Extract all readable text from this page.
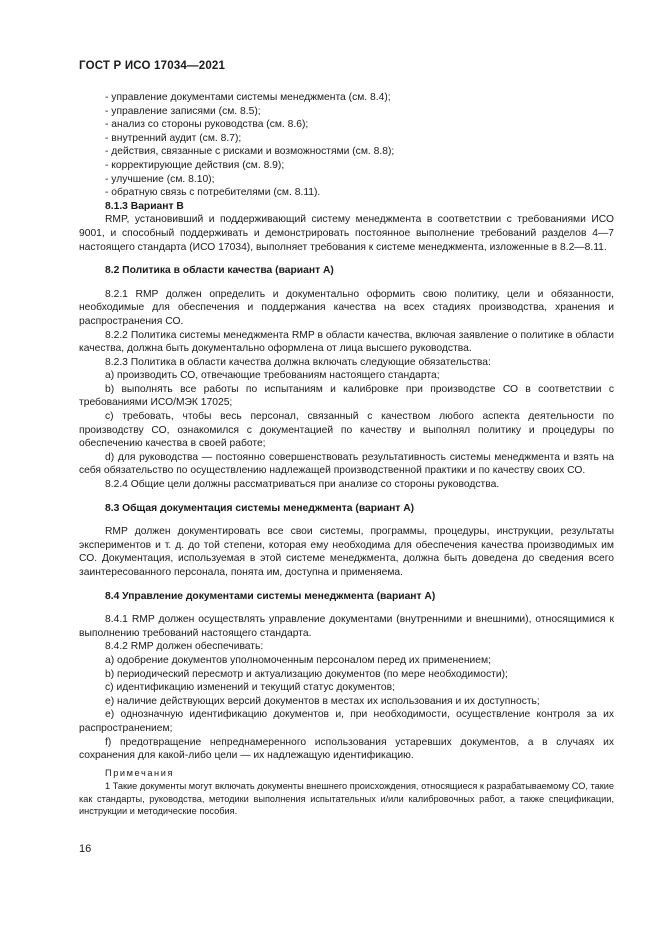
ГОСТ Р ИСО 17034—2021

- управление документами системы менеджмента (см. 8.4);

- управление записями (см. 8.5);

- анализ со стороны руководства (см. 8.6);

- внутренний аудит (см. 8.7);

- действия, связанные с рисками и возможностями (см. 8.8);

- корректирующие действия (см. 8.9);

- улучшение (см. 8.10);

- обратную связь с потребителями (см. 8.11).

8.1.3 Вариант В

RMP, установивший и поддерживающий систему менеджмента в соответствии с требованиями ИСО 9001, и способный поддерживать и демонстрировать постоянное выполнение требований разделов 4—7 настоящего стандарта (ИСО 17034), выполняет требования к системе менеджмента, изложенные в 8.2—8.11.

8.2 Политика в области качества (вариант А)

8.2.1 RMP должен определить и документально оформить свою политику, цели и обязанности, необходимые для обеспечения и поддержания качества на всех стадиях производства, хранения и распространения СО.

8.2.2 Политика системы менеджмента RMP в области качества, включая заявление о политике в области качества, должна быть документально оформлена от лица высшего руководства.

8.2.3 Политика в области качества должна включать следующие обязательства:

а) производить СО, отвечающие требованиям настоящего стандарта;

b) выполнять все работы по испытаниям и калибровке при производстве СО в соответствии с требованиями ИСО/МЭК 17025;

с) требовать, чтобы весь персонал, связанный с качеством любого аспекта деятельности по производству СО, ознакомился с документацией по качеству и выполнял политику и процедуры по обеспечению качества в своей работе;

d) для руководства — постоянно совершенствовать результативность системы менеджмента и взять на себя обязательство по осуществлению надлежащей производственной практики и по качеству своих СО.

8.2.4 Общие цели должны рассматриваться при анализе со стороны руководства.

8.3 Общая документация системы менеджмента (вариант А)

RMP должен документировать все свои системы, программы, процедуры, инструкции, результаты экспериментов и т. д. до той степени, которая ему необходима для обеспечения качества производимых им СО. Документация, используемая в этой системе менеджмента, должна быть доведена до сведения всего заинтересованного персонала, понята им, доступна и применяема.

8.4 Управление документами системы менеджмента (вариант А)

8.4.1 RMP должен осуществлять управление документами (внутренними и внешними), относящимися к выполнению требований настоящего стандарта.

8.4.2 RMP должен обеспечивать:

а) одобрение документов уполномоченным персоналом перед их применением;

b) периодический пересмотр и актуализацию документов (по мере необходимости);

с) идентификацию изменений и текущий статус документов;

е) наличие действующих версий документов в местах их использования и их доступность;

е) однозначную идентификацию документов и, при необходимости, осуществление контроля за их распространением;

f) предотвращение непреднамеренного использования устаревших документов, а в случаях их сохранения для какой-либо цели — их надлежащую идентификацию.

Примечания

1 Такие документы могут включать документы внешнего происхождения, относящиеся к разрабатываемому СО, такие как стандарты, руководства, методики выполнения испытательных и/или калибровочных работ, а также спецификации, инструкции и методические пособия.

16
